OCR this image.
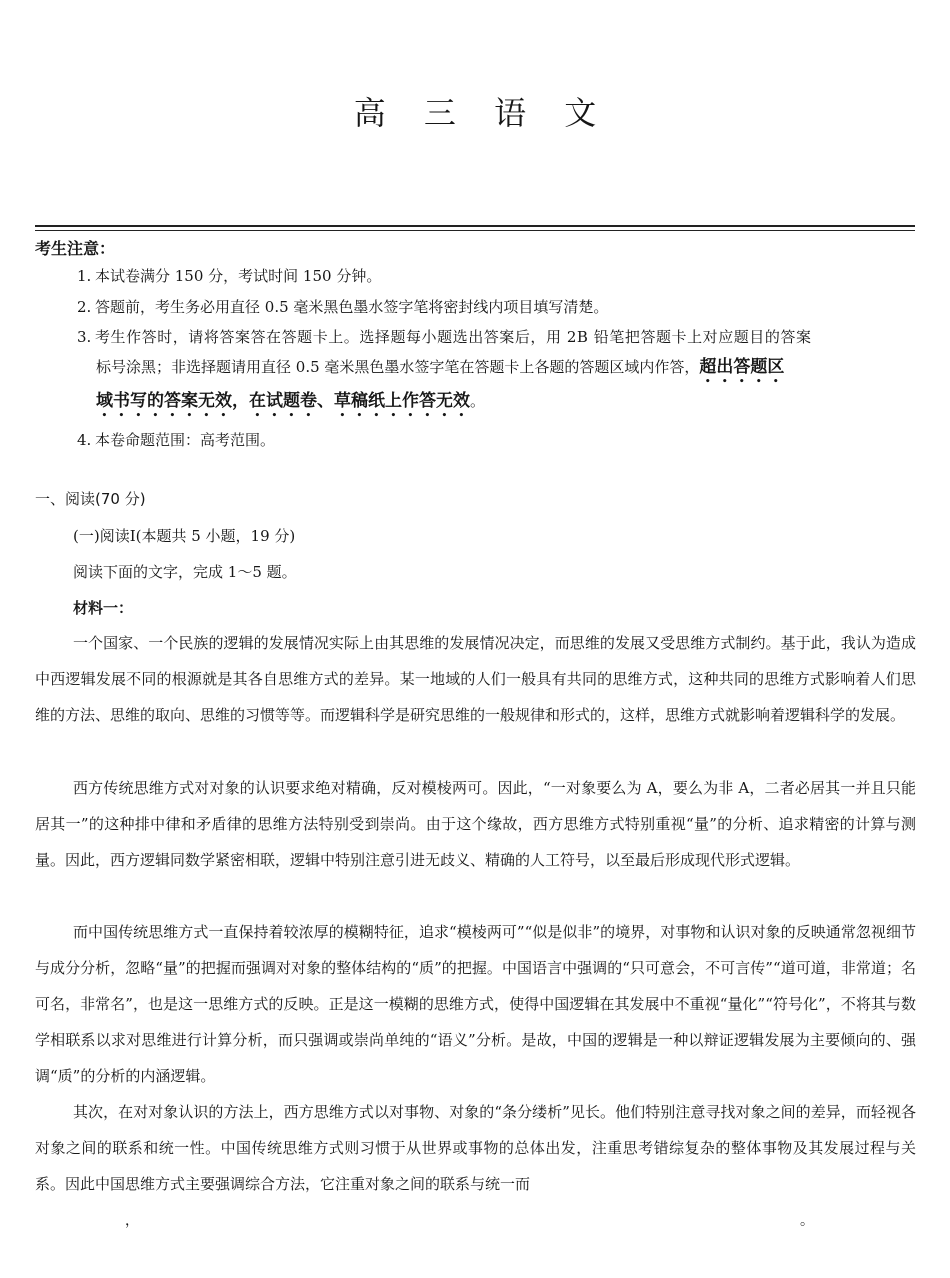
高 三 语 文
考生注意：
1. 本试卷满分 150 分，考试时间 150 分钟。
2. 答题前，考生务必用直径 0.5 毫米黑色墨水签字笔将密封线内项目填写清楚。
3. 考生作答时，请将答案答在答题卡上。选择题每小题选出答案后，用 2B 铅笔把答题卡上对应题目的答案
标号涂黑；非选择题请用直径 0.5 毫米黑色墨水签字笔在答题卡上各题的答题区域内作答，超出答题区
域书写的答案无效，在试题卷、草稿纸上作答无效。
4. 本卷命题范围：高考范围。
一、阅读(70 分)
(一)阅读Ⅰ(本题共 5 小题，19 分)
阅读下面的文字，完成 1～5 题。
材料一：
一个国家、一个民族的逻辑的发展情况实际上由其思维的发展情况决定，而思维的发展又受思维方式制约。基于此，我认为造成中西逻辑发展不同的根源就是其各自思维方式的差异。某一地域的人们一般具有共同的思维方式，这种共同的思维方式影响着人们思维的方法、思维的取向、思维的习惯等等。而逻辑科学是研究思维的一般规律和形式的，这样，思维方式就影响着逻辑科学的发展。
西方传统思维方式对对象的认识要求绝对精确，反对模棱两可。因此，“一对象要么为 A，要么为非 A，二者必居其一并且只能居其一”的这种排中律和矛盾律的思维方法特别受到崇尚。由于这个缘故，西方思维方式特别重视“量”的分析、追求精密的计算与测量。因此，西方逻辑同数学紧密相联，逻辑中特别注意引进无歧义、精确的人工符号，以至最后形成现代形式逻辑。
而中国传统思维方式一直保持着较浓厚的模糊特征，追求“模棱两可”“似是似非”的境界，对事物和认识对象的反映通常忽视细节与成分分析，忽略“量”的把握而强调对对象的整体结构的“质”的把握。中国语言中强调的“只可意会，不可言传”“道可道，非常道；名可名，非常名”，也是这一思维方式的反映。正是这一模糊的思维方式，使得中国逻辑在其发展中不重视“量化”“符号化”，不将其与数学相联系以求对思维进行计算分析，而只强调或崇尚单纯的“语义”分析。是故，中国的逻辑是一种以辩证逻辑发展为主要倾向的、强调“质”的分析的内涵逻辑。
其次，在对对象认识的方法上，西方思维方式以对事物、对象的“条分缕析”见长。他们特别注意寻找对象之间的差异，而轻视各对象之间的联系和统一性。中国传统思维方式则习惯于从世界或事物的总体出发，注重思考错综复杂的整体事物及其发展过程与关系。因此中国思维方式主要强调综合方法，它注重对象之间的联系与统一而
，	。
